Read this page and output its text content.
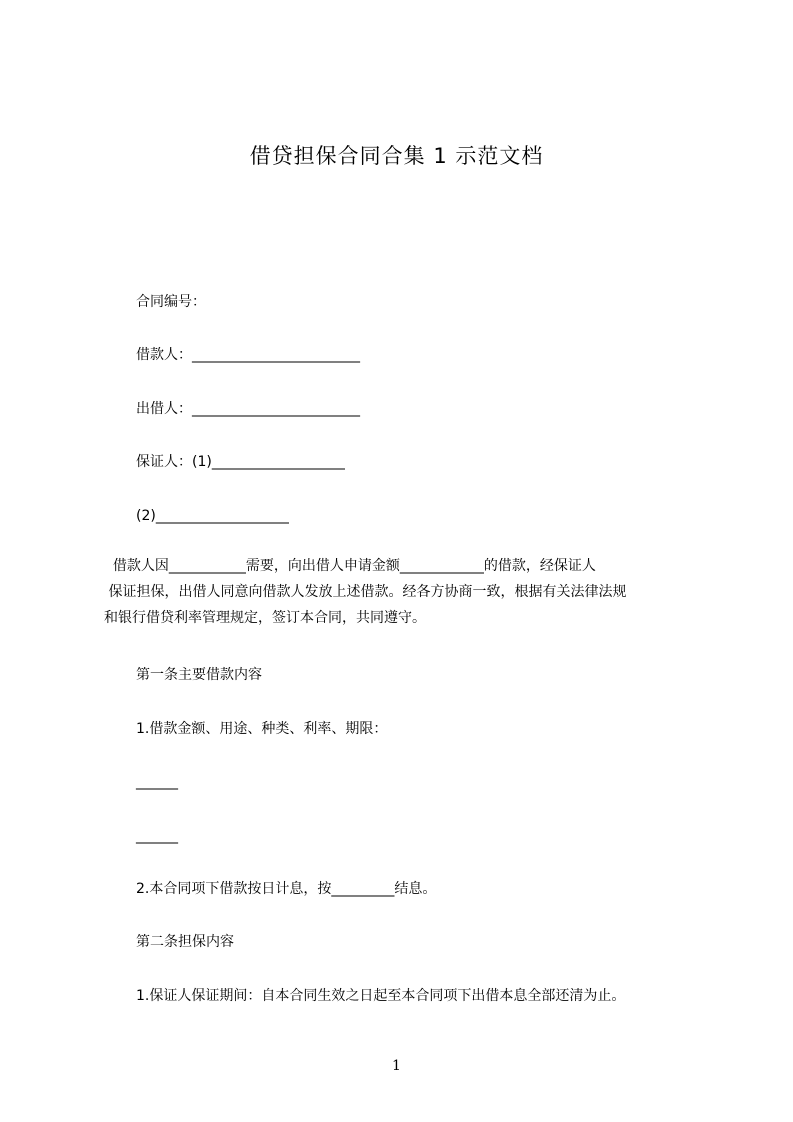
借贷担保合同合集 1 示范文档
合同编号：
借款人：________________________
出借人：________________________
保证人：(1)___________________
(2)___________________
借款人因___________需要，向出借人申请金额____________的借款，经保证人
保证担保，出借人同意向借款人发放上述借款。经各方协商一致，根据有关法律法规
和银行借贷利率管理规定，签订本合同，共同遵守。
第一条主要借款内容
1.借款金额、用途、种类、利率、期限：
______
______
2.本合同项下借款按日计息，按_________结息。
第二条担保内容
1.保证人保证期间：自本合同生效之日起至本合同项下出借本息全部还清为止。
1
